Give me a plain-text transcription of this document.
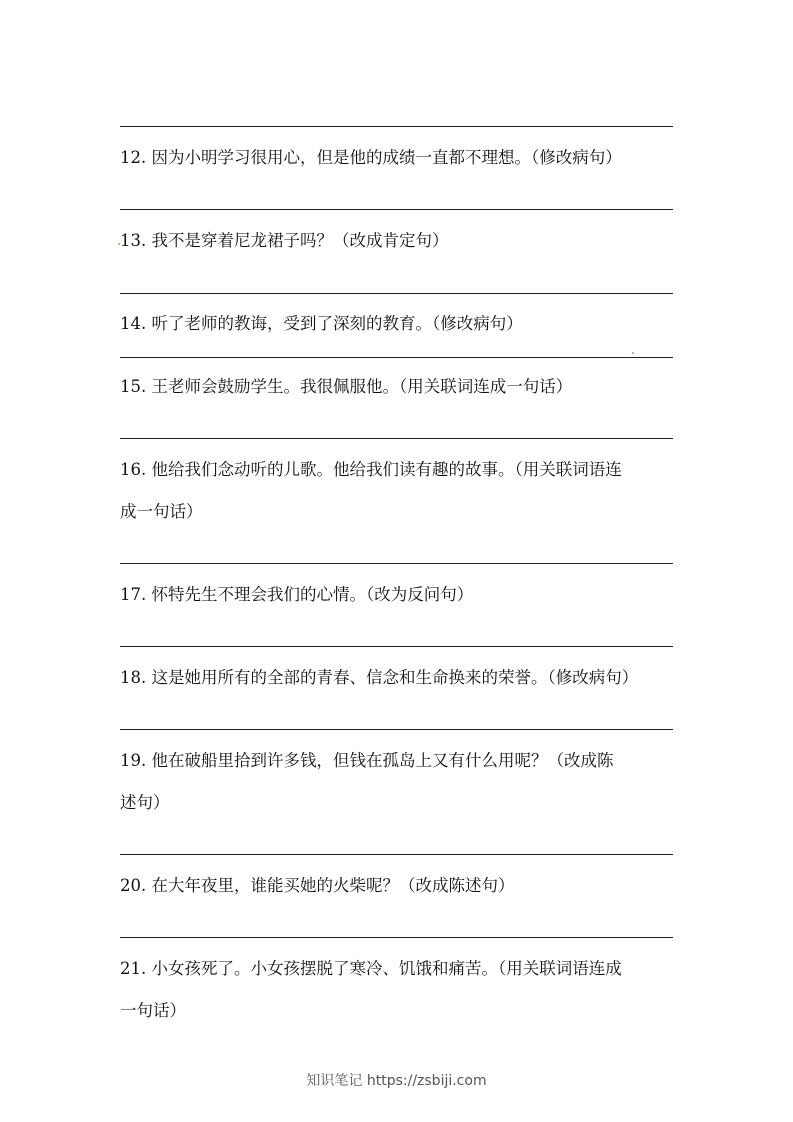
12. 因为小明学习很用心，但是他的成绩一直都不理想。（修改病句）
13. 我不是穿着尼龙裙子吗？（改成肯定句）
14. 听了老师的教诲，受到了深刻的教育。（修改病句）
15. 王老师会鼓励学生。我很佩服他。（用关联词连成一句话）
16. 他给我们念动听的儿歌。他给我们读有趣的故事。（用关联词语连
成一句话）
17. 怀特先生不理会我们的心情。（改为反问句）
18. 这是她用所有的全部的青春、信念和生命换来的荣誉。（修改病句）
19. 他在破船里拾到许多钱，但钱在孤岛上又有什么用呢？（改成陈
述句）
20. 在大年夜里，谁能买她的火柴呢？（改成陈述句）
21. 小女孩死了。小女孩摆脱了寒冷、饥饿和痛苦。（用关联词语连成
一句话）
知识笔记 https://zsbiji.com
